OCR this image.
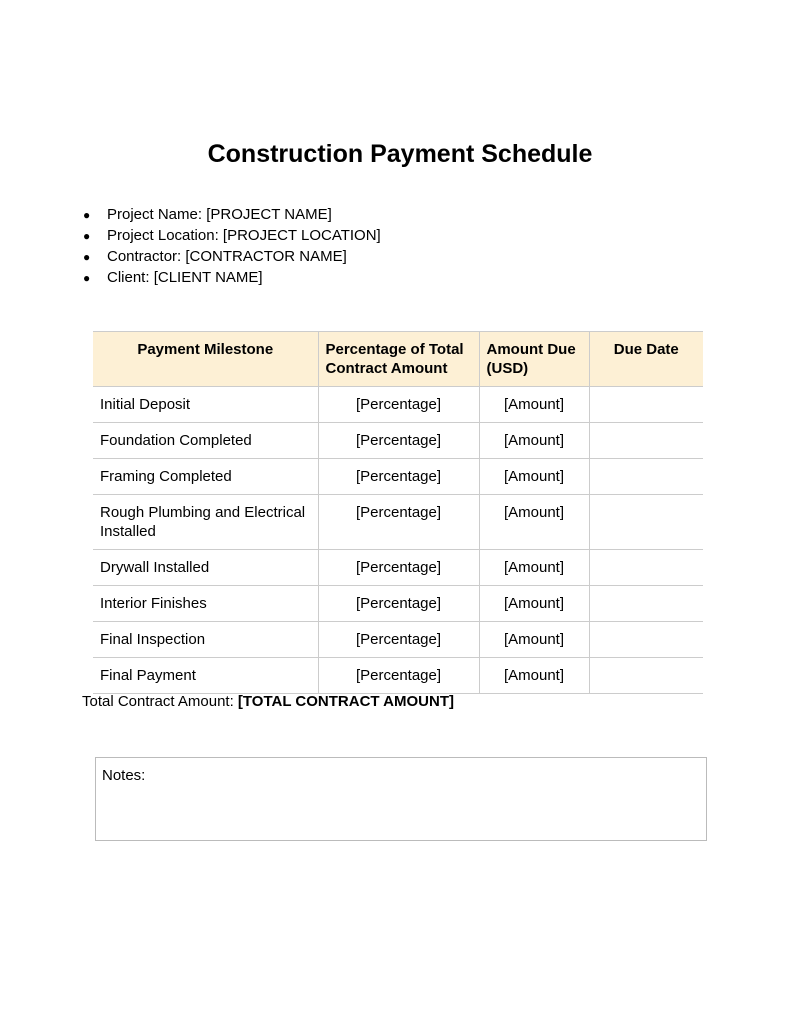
Construction Payment Schedule
● Project Name: [PROJECT NAME]
● Project Location: [PROJECT LOCATION]
● Contractor: [CONTRACTOR NAME]
● Client: [CLIENT NAME]
Payment Milestone	Percentage of Total Contract Amount	Amount Due (USD)	Due Date
Initial Deposit	[Percentage]	[Amount]	
Foundation Completed	[Percentage]	[Amount]	
Framing Completed	[Percentage]	[Amount]	
Rough Plumbing and Electrical Installed	[Percentage]	[Amount]	
Drywall Installed	[Percentage]	[Amount]	
Interior Finishes	[Percentage]	[Amount]	
Final Inspection	[Percentage]	[Amount]	
Final Payment	[Percentage]	[Amount]	
Total Contract Amount: [TOTAL CONTRACT AMOUNT]
Notes:
